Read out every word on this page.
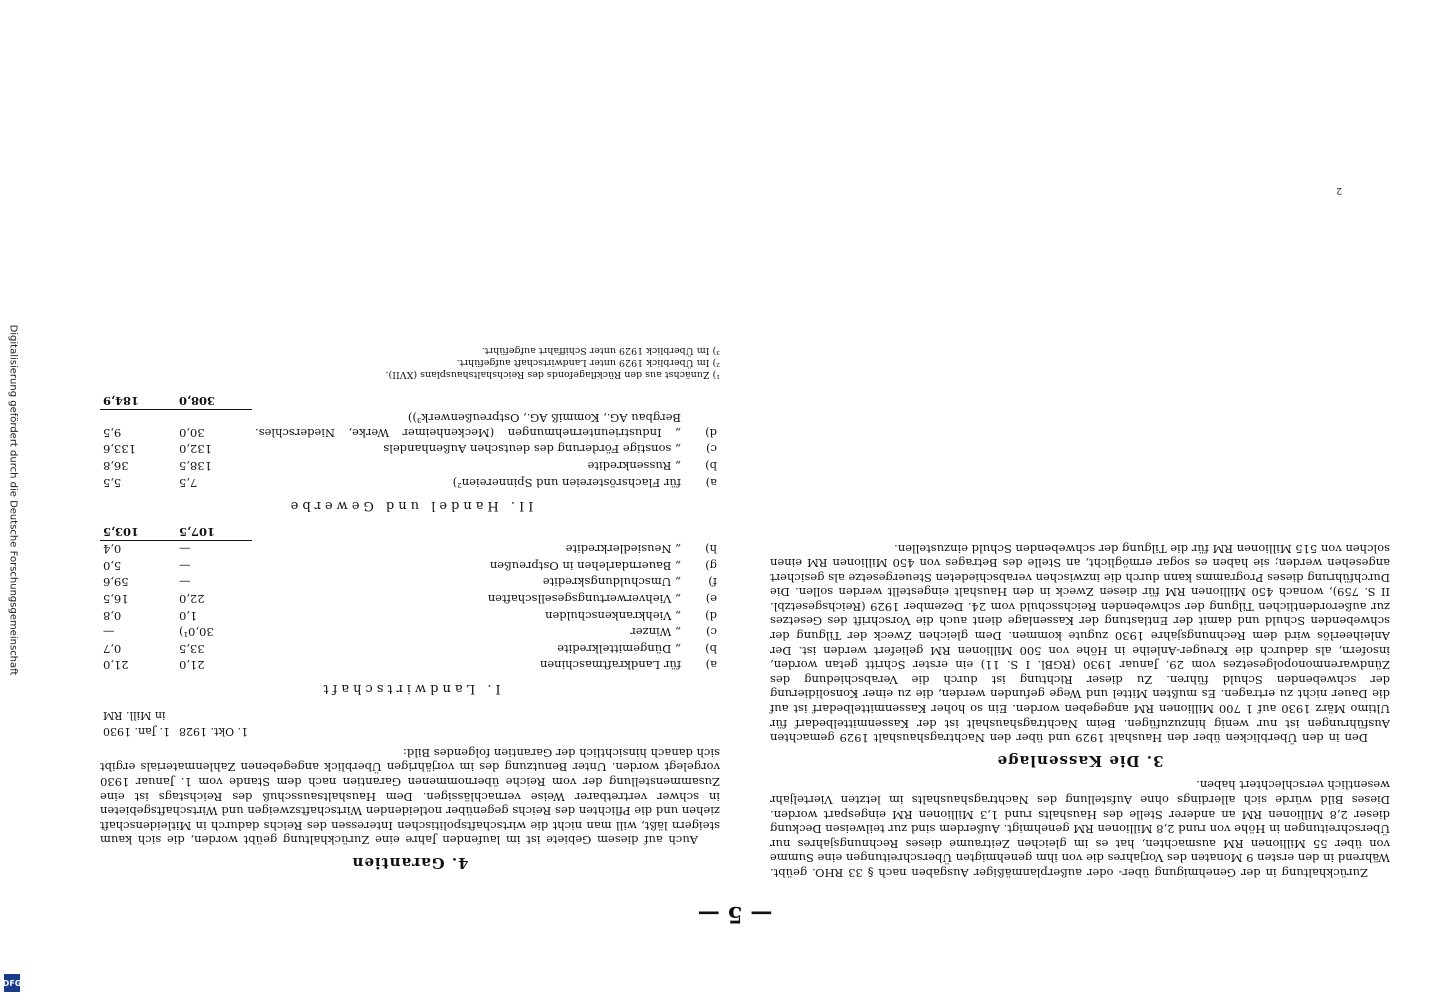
— 5 —

Zurückhaltung in der Genehmigung über- oder außerplanmäßiger Ausgaben nach § 33 RHO. geübt. Während in den ersten 9 Monaten des Vorjahres die von ihm genehmigten Überschreitungen eine Summe von über 55 Millionen RM ausmachten, hat es im gleichen Zeitraume dieses Rechnungsjahres nur Überschreitungen in Höhe von rund 2,8 Millionen RM genehmigt. Außerdem sind zur teilweisen Deckung dieser 2,8 Millionen RM an anderer Stelle des Haushalts rund 1,3 Millionen RM eingespart worden. Dieses Bild würde sich allerdings ohne Aufstellung des Nachtragshaushalts im letzten Vierteljahr wesentlich verschlechtert haben.

3. Die Kassenlage

Den in den Überblicken über den Haushalt 1929 und über den Nachtragshaushalt 1929 gemachten Ausführungen ist nur wenig hinzuzufügen. Beim Nachtragshaushalt ist der Kassenmittelbedarf für Ultimo März 1930 auf 1 700 Millionen RM angegeben worden. Ein so hoher Kassenmittelbedarf ist auf die Dauer nicht zu ertragen. Es mußten Mittel und Wege gefunden werden, die zu einer Konsolidierung der schwebenden Schuld führen. Zu dieser Richtung ist durch die Verabschiedung des Zündwarenmonopolgesetzes vom 29. Januar 1930 (RGBl. I S. 11) ein erster Schritt getan worden, insofern, als dadurch die Kreuger-Anleihe in Höhe von 500 Millionen RM geliefert werden ist. Der Anleiheerlös wird dem Rechnungsjahre 1930 zugute kommen. Dem gleichen Zweck der Tilgung der schwebenden Schuld und damit der Entlastung der Kassenlage dient auch die Vorschrift des Gesetzes zur außerordentlichen Tilgung der schwebenden Reichsschuld vom 24. Dezember 1929 (Reichsgesetzbl. II S. 759), wonach 450 Millionen RM für diesen Zweck in den Haushalt eingestellt werden sollen. Die Durchführung dieses Programms kann durch die inzwischen verabschiedeten Steuergesetze als gesichert angesehen werden; sie haben es sogar ermöglicht, an Stelle des Betrages von 450 Millionen RM einen solchen von 515 Millionen RM für die Tilgung der schwebenden Schuld einzustellen.

4. Garantien

Auch auf diesem Gebiete ist im laufenden Jahre eine Zurückhaltung geübt worden, die sich kaum steigern läßt, will man nicht die wirtschaftspolitischen Interessen des Reichs dadurch in Mitleidenschaft ziehen und die Pflichten des Reichs gegenüber notleidenden Wirtschaftszweigen und Wirtschaftsgebieten in schwer vertretbarer Weise vernachlässigen. Dem Haushaltsausschuß des Reichstags ist eine Zusammenstellung der vom Reiche übernommenen Garantien nach dem Stande vom 1. Januar 1930 vorgelegt worden. Unter Benutzung des im vorjährigen Überblick angegebenen Zahlenmaterials ergibt sich danach hinsichtlich der Garantien folgendes Bild:

		1. Okt. 1928	1. Jan. 1930
		in Mill. RM	

I. Landwirtschaft			

a)	für Landkraftmaschinen	21,0	21,0
b)	„ Düngemittelkredite	33,5	0,7
c)	„ Winzer	30,0¹)	—
d)	„ Viehkrankenschulden	1,0	0,8
e)	„ Viehverwertungsgesellschaften	22,0	16,5
f)	„ Umschuldungskredite	—	59,6
g)	„ Bauerndarlehen in Ostpreußen	—	5,0
h)	„ Neusiedlerkredite	—	0,4
		107,5	103,5

II. Handel und Gewerbe			

a)	für Flachsröstereien und Spinnereien²)	7,5	5,5
b)	„ Russenkredite	138,5	36,8
c)	„ sonstige Förderung des deutschen Außenhandels	132,0	133,6
d)	„ Industrieunternehmungen (Meckenheimer Werke, Niederschles. Bergbau AG., Kommiß AG., Ostpreußenwerk³))	30,0	9,5
		308,0	184,9
¹) Zunächst aus den Rückflagefonds des Reichshaltshausplans (XVII).
²) Im Überblick 1929 unter Landwirtschaft aufgeführt.
³) Im Überblick 1929 unter Schiffahrt aufgeführt.
2
Digitalisierung gefördert durch die Deutsche Forschungsgemeinschaft
DFG
